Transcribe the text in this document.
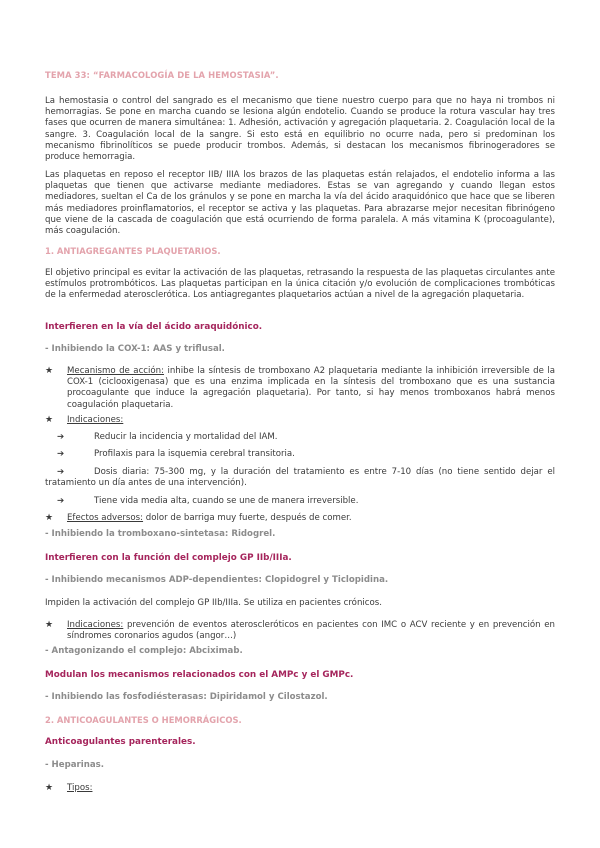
TEMA 33: “FARMACOLOGÍA DE LA HEMOSTASIA”.
La hemostasia o control del sangrado es el mecanismo que tiene nuestro cuerpo para que no haya ni trombos ni hemorragias. Se pone en marcha cuando se lesiona algún endotelio. Cuando se produce la rotura vascular hay tres fases que ocurren de manera simultánea: 1. Adhesión, activación y agregación plaquetaria. 2. Coagulación local de la sangre. 3. Coagulación local de la sangre. Si esto está en equilibrio no ocurre nada, pero si predominan los mecanismo fibrinolíticos se puede producir trombos. Además, si destacan los mecanismos fibrinogeradores se produce hemorragia.
Las plaquetas en reposo el receptor IIB/ IIIA los brazos de las plaquetas están relajados, el endotelio informa a las plaquetas que tienen que activarse mediante mediadores. Estas se van agregando y cuando llegan estos mediadores, sueltan el Ca de los gránulos y se pone en marcha la vía del ácido araquidónico que hace que se liberen más mediadores proinflamatorios, el receptor se activa y las plaquetas. Para abrazarse mejor necesitan fibrinógeno que viene de la cascada de coagulación que está ocurriendo de forma paralela. A más vitamina K (procoagulante), más coagulación.
1. ANTIAGREGANTES PLAQUETARIOS.
El objetivo principal es evitar la activación de las plaquetas, retrasando la respuesta de las plaquetas circulantes ante estímulos protrombóticos. Las plaquetas participan en la única citación y/o evolución de complicaciones trombóticas de la enfermedad aterosclerótica. Los antiagregantes plaquetarios actúan a nivel de la agregación plaquetaria.
Interfieren en la vía del ácido araquidónico.
- Inhibiendo la COX-1: AAS y triflusal.
★	Mecanismo de acción: inhibe la síntesis de tromboxano A2 plaquetaria mediante la inhibición irreversible de la COX-1 (ciclooxigenasa) que es una enzima implicada en la síntesis del tromboxano que es una sustancia procoagulante que induce la agregación plaquetaria). Por tanto, si hay menos tromboxanos habrá menos coagulación plaquetaria.
★	Indicaciones:
➔	Reducir la incidencia y mortalidad del IAM.
➔	Profilaxis para la isquemia cerebral transitoria.
➔	Dosis diaria: 75-300 mg, y la duración del tratamiento es entre 7-10 días (no tiene sentido dejar el tratamiento un día antes de una intervención).
➔	Tiene vida media alta, cuando se une de manera irreversible.
★	Efectos adversos: dolor de barriga muy fuerte, después de comer.
- Inhibiendo la tromboxano-sintetasa: Ridogrel.
Interfieren con la función del complejo GP IIb/IIIa.
- Inhibiendo mecanismos ADP-dependientes: Clopidogrel y Ticlopidina.
Impiden la activación del complejo GP IIb/IIIa. Se utiliza en pacientes crónicos.
★	Indicaciones: prevención de eventos ateroscleróticos en pacientes con IMC o ACV reciente y en prevención en síndromes coronarios agudos (angor…)
- Antagonizando el complejo: Abciximab.
Modulan los mecanismos relacionados con el AMPc y el GMPc.
- Inhibiendo las fosfodiésterasas: Dipiridamol y Cilostazol.
2. ANTICOAGULANTES O HEMORRÁGICOS.
Anticoagulantes parenterales.
- Heparinas.
★	Tipos:
